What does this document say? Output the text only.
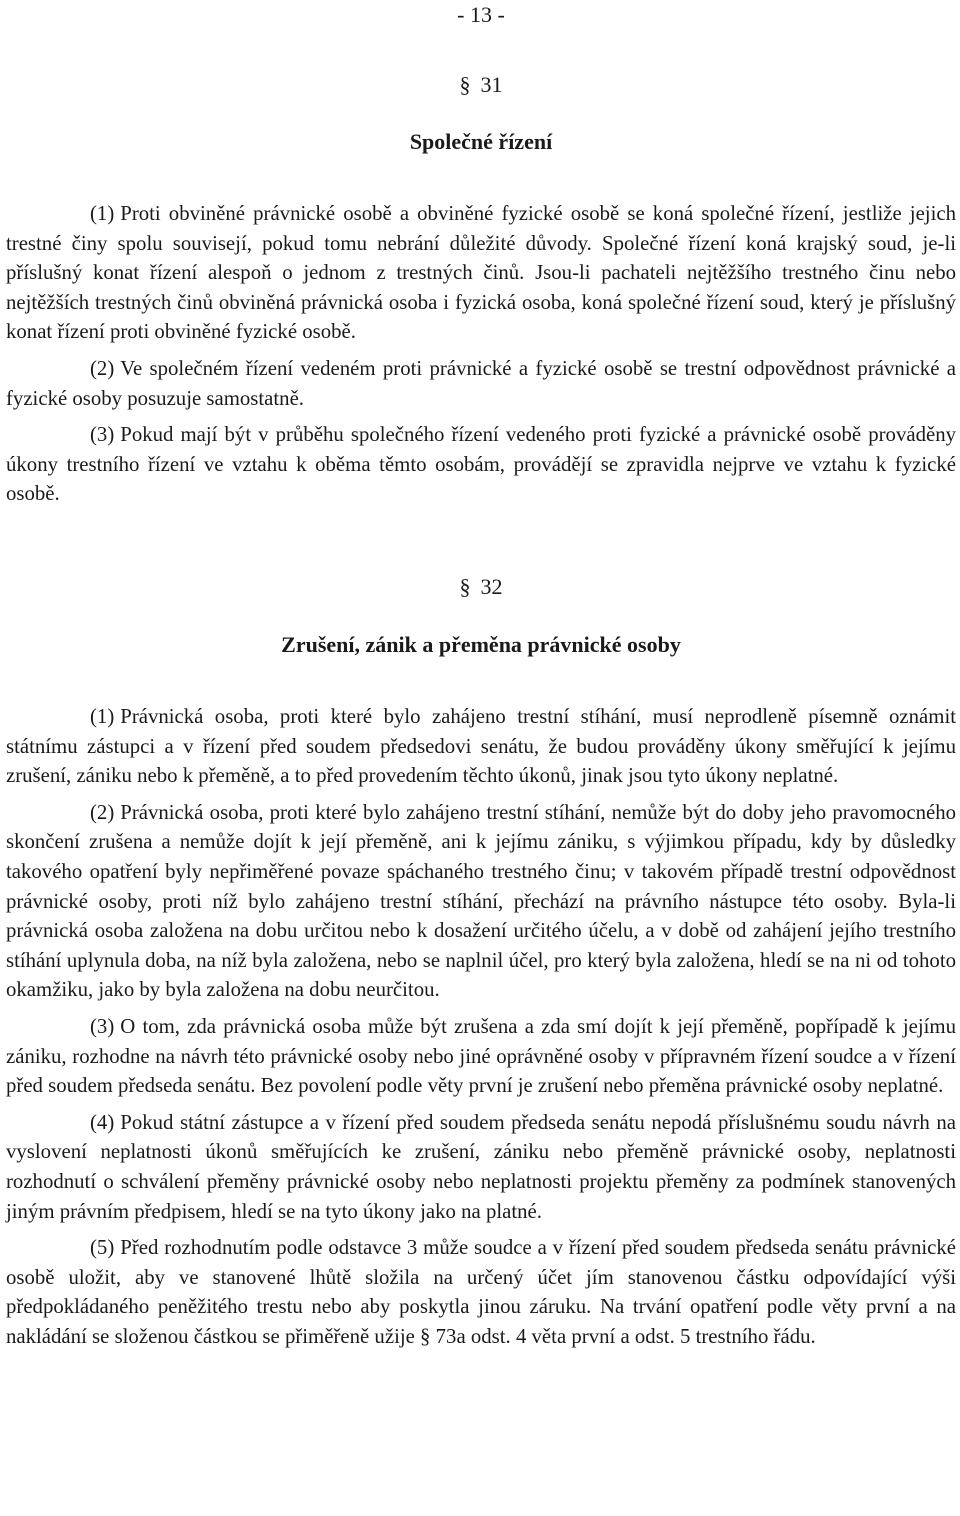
- 13 -
§ 31
Společné řízení

(1) Proti obviněné právnické osobě a obviněné fyzické osobě se koná společné řízení, jestliže jejich trestné činy spolu souvisejí, pokud tomu nebrání důležité důvody. Společné řízení koná krajský soud, je-li příslušný konat řízení alespoň o jednom z trestných činů. Jsou-li pachateli nejtěžšího trestného činu nebo nejtěžších trestných činů obviněná právnická osoba i fyzická osoba, koná společné řízení soud, který je příslušný konat řízení proti obviněné fyzické osobě.

(2) Ve společném řízení vedeném proti právnické a fyzické osobě se trestní odpovědnost právnické a fyzické osoby posuzuje samostatně.

(3) Pokud mají být v průběhu společného řízení vedeného proti fyzické a právnické osobě prováděny úkony trestního řízení ve vztahu k oběma těmto osobám, provádějí se zpravidla nejprve ve vztahu k fyzické osobě.

§ 32
Zrušení, zánik a přeměna právnické osoby

(1) Právnická osoba, proti které bylo zahájeno trestní stíhání, musí neprodleně písemně oznámit státnímu zástupci a v řízení před soudem předsedovi senátu, že budou prováděny úkony směřující k jejímu zrušení, zániku nebo k přeměně, a to před provedením těchto úkonů, jinak jsou tyto úkony neplatné.

(2) Právnická osoba, proti které bylo zahájeno trestní stíhání, nemůže být do doby jeho pravomocného skončení zrušena a nemůže dojít k její přeměně, ani k jejímu zániku, s výjimkou případu, kdy by důsledky takového opatření byly nepřiměřené povaze spáchaného trestného činu; v takovém případě trestní odpovědnost právnické osoby, proti níž bylo zahájeno trestní stíhání, přechází na právního nástupce této osoby. Byla-li právnická osoba založena na dobu určitou nebo k dosažení určitého účelu, a v době od zahájení jejího trestního stíhání uplynula doba, na níž byla založena, nebo se naplnil účel, pro který byla založena, hledí se na ni od tohoto okamžiku, jako by byla založena na dobu neurčitou.

(3) O tom, zda právnická osoba může být zrušena a zda smí dojít k její přeměně, popřípadě k jejímu zániku, rozhodne na návrh této právnické osoby nebo jiné oprávněné osoby v přípravném řízení soudce a v řízení před soudem předseda senátu. Bez povolení podle věty první je zrušení nebo přeměna právnické osoby neplatné.

(4) Pokud státní zástupce a v řízení před soudem předseda senátu nepodá příslušnému soudu návrh na vyslovení neplatnosti úkonů směřujících ke zrušení, zániku nebo přeměně právnické osoby, neplatnosti rozhodnutí o schválení přeměny právnické osoby nebo neplatnosti projektu přeměny za podmínek stanovených jiným právním předpisem, hledí se na tyto úkony jako na platné.

(5) Před rozhodnutím podle odstavce 3 může soudce a v řízení před soudem předseda senátu právnické osobě uložit, aby ve stanovené lhůtě složila na určený účet jím stanovenou částku odpovídající výši předpokládaného peněžitého trestu nebo aby poskytla jinou záruku. Na trvání opatření podle věty první a na nakládání se složenou částkou se přiměřeně užije § 73a odst. 4 věta první a odst. 5 trestního řádu.
